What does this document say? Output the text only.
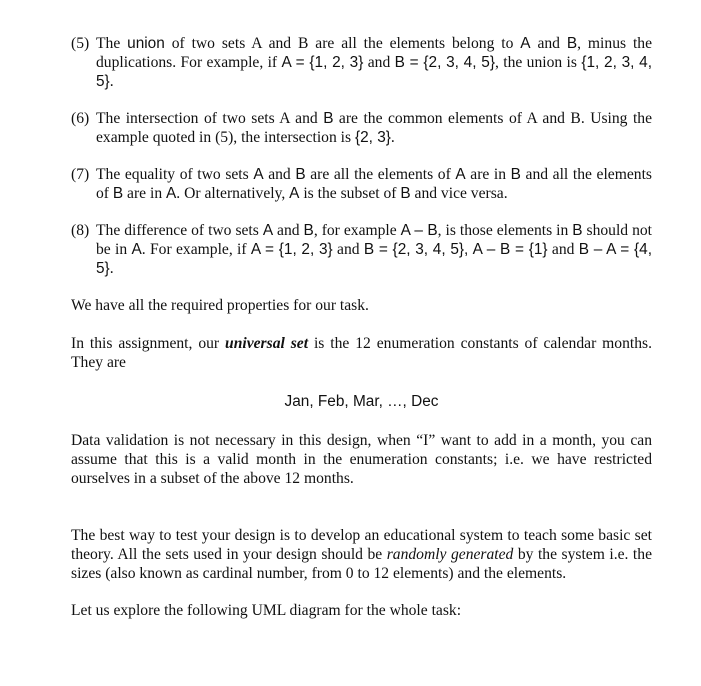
(5) The union of two sets A and B are all the elements belong to A and B, minus the duplications. For example, if A = {1, 2, 3} and B = {2, 3, 4, 5}, the union is {1, 2, 3, 4, 5}.
(6) The intersection of two sets A and B are the common elements of A and B. Using the example quoted in (5), the intersection is {2, 3}.
(7) The equality of two sets A and B are all the elements of A are in B and all the elements of B are in A. Or alternatively, A is the subset of B and vice versa.
(8) The difference of two sets A and B, for example A – B, is those elements in B should not be in A. For example, if A = {1, 2, 3} and B = {2, 3, 4, 5}, A – B = {1} and B – A = {4, 5}.

We have all the required properties for our task.

In this assignment, our universal set is the 12 enumeration constants of calendar months. They are

Jan, Feb, Mar, …, Dec

Data validation is not necessary in this design, when “I” want to add in a month, you can assume that this is a valid month in the enumeration constants; i.e. we have restricted ourselves in a subset of the above 12 months.

The best way to test your design is to develop an educational system to teach some basic set theory. All the sets used in your design should be randomly generated by the system i.e. the sizes (also known as cardinal number, from 0 to 12 elements) and the elements.

Let us explore the following UML diagram for the whole task:
